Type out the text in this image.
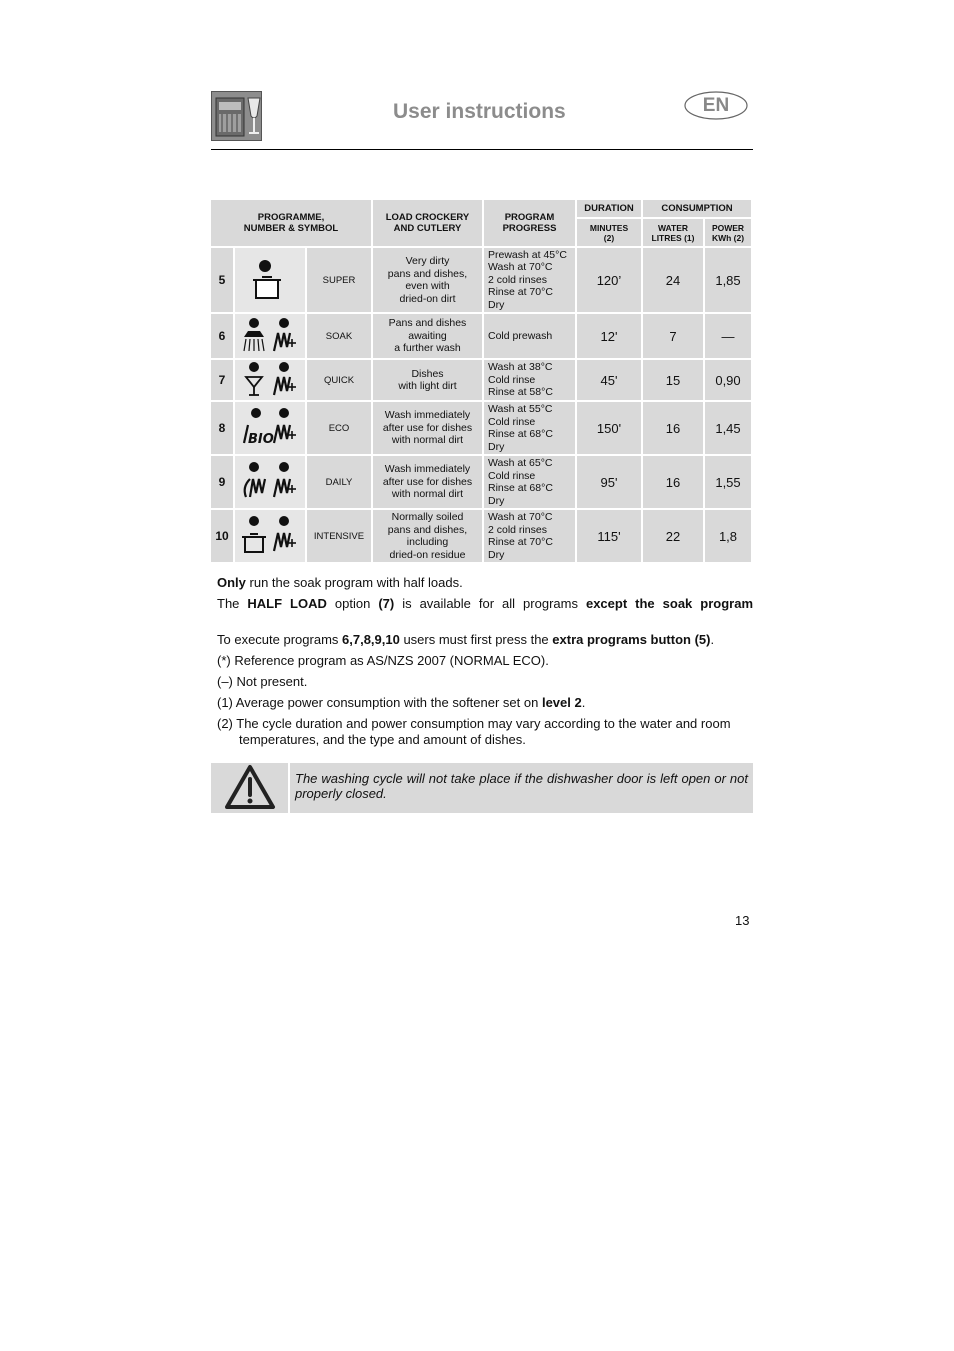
User instructions	EN
PROGRAMME,
NUMBER & SYMBOL			LOAD CROCKERY
AND CUTLERY	PROGRAM
PROGRESS	DURATION	CONSUMPTION	
					MINUTES
(2)	WATER
LITRES (1)	POWER
KWh (2)
5		SUPER	Very dirty
pans and dishes,
even with
dried-on dirt	Prewash at 45°C
Wash at 70°C
2 cold rinses
Rinse at 70°C
Dry	120’	24	1,85
6		SOAK	Pans and dishes
awaiting
a further wash	Cold prewash	12'	7	—
7		QUICK	Dishes
with light dirt	Wash at 38°C
Cold rinse
Rinse at 58°C	45'	15	0,90
8	BIO	ECO	Wash immediately
after use for dishes
with normal dirt	Wash at 55°C
Cold rinse
Rinse at 68°C
Dry	150'	16	1,45
9		DAILY	Wash immediately
after use for dishes
with normal dirt	Wash at 65°C
Cold rinse
Rinse at 68°C
Dry	95'	16	1,55
10		INTENSIVE	Normally soiled
pans and dishes,
including
dried-on residue	Wash at 70°C
2 cold rinses
Rinse at 70°C
Dry	115'	22	1,8

Only run the soak program with half loads.

The HALF LOAD option (7) is available for all programs except the soak program

To execute programs 6,7,8,9,10 users must first press the extra programs button (5).

(*) Reference program as AS/NZS 2007 (NORMAL ECO).

(–) Not present.

(1) Average power consumption with the softener set on level 2.

(2) The cycle duration and power consumption may vary according to the water and room temperatures, and the type and amount of dishes.

The washing cycle will not take place if the dishwasher door is left open or not properly closed.
13
